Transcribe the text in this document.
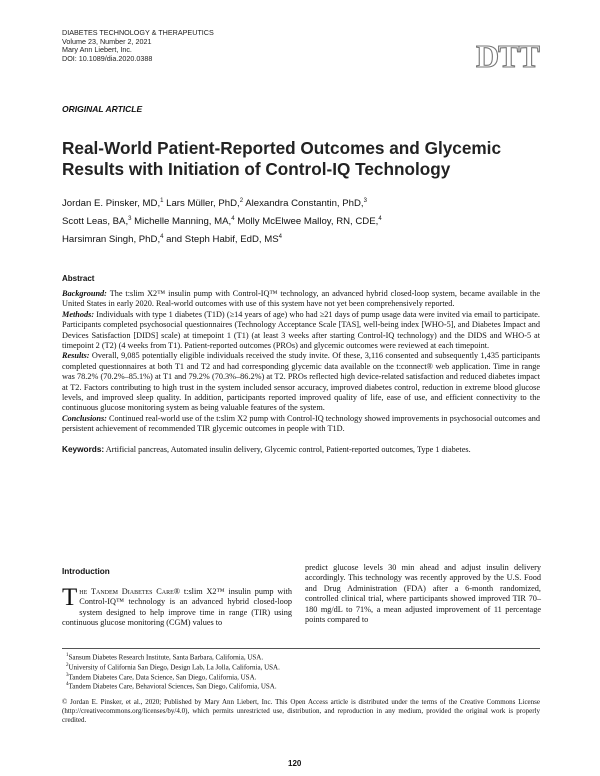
DIABETES TECHNOLOGY & THERAPEUTICS
Volume 23, Number 2, 2021
Mary Ann Liebert, Inc.
DOI: 10.1089/dia.2020.0388	DTT
ORIGINAL ARTICLE
Real-World Patient-Reported Outcomes and Glycemic Results with Initiation of Control-IQ Technology
Jordan E. Pinsker, MD,$^1$ Lars Müller, PhD,$^2$ Alexandra Constantin, PhD,$^3$
Scott Leas, BA,$^3$ Michelle Manning, MA,$^4$ Molly McElwee Malloy, RN, CDE,$^4$
Harsimran Singh, PhD,$^4$ and Steph Habif, EdD, $MS^4$
Abstract

Background: The t:slim X2™ insulin pump with Control-IQ™ technology, an advanced hybrid closed-loop system, became available in the United States in early 2020. Real-world outcomes with use of this system have not yet been comprehensively reported.

Methods: Individuals with type 1 diabetes (T1D) (≥14 years of age) who had ≥21 days of pump usage data were invited via email to participate. Participants completed psychosocial questionnaires (Technology Acceptance Scale [TAS], well-being index [WHO-5], and Diabetes Impact and Devices Satisfaction [DIDS] scale) at timepoint 1 (T1) (at least 3 weeks after starting Control-IQ technology) and the DIDS and WHO-5 at timepoint 2 (T2) (4 weeks from T1). Patient-reported outcomes (PROs) and glycemic outcomes were reviewed at each timepoint.

Results: Overall, 9,085 potentially eligible individuals received the study invite. Of these, 3,116 consented and subsequently 1,435 participants completed questionnaires at both T1 and T2 and had corresponding glycemic data available on the t:connect® web application. Time in range was 78.2% (70.2%–85.1%) at T1 and 79.2% (70.3%–86.2%) at T2. PROs reflected high device-related satisfaction and reduced diabetes impact at T2. Factors contributing to high trust in the system included sensor accuracy, improved diabetes control, reduction in extreme blood glucose levels, and improved sleep quality. In addition, participants reported improved quality of life, ease of use, and efficient connectivity to the continuous glucose monitoring system as being valuable features of the system.

Conclusions: Continued real-world use of the t:slim X2 pump with Control-IQ technology showed improvements in psychosocial outcomes and persistent achievement of recommended TIR glycemic outcomes in people with T1D.

Keywords: Artificial pancreas, Automated insulin delivery, Glycemic control, Patient-reported outcomes, Type 1 diabetes.
Introduction

The Tandem Diabetes Care® t:slim X2™ insulin pump with Control-IQ™ technology is an advanced hybrid closed-loop system designed to help improve time in range (TIR) using continuous glucose monitoring (CGM) values to

predict glucose levels 30 min ahead and adjust insulin delivery accordingly. This technology was recently approved by the U.S. Food and Drug Administration (FDA) after a 6-month randomized, controlled clinical trial, where participants showed improved TIR 70–180 mg/dL to 71%, a mean adjusted improvement of 11 percentage points compared to

$^1$Sansum Diabetes Research Institute, Santa Barbara, California, USA.
$^2$University of California San Diego, Design Lab, La Jolla, California, USA.
$^3$Tandem Diabetes Care, Data Science, San Diego, California, USA.
$^4$Tandem Diabetes Care, Behavioral Sciences, San Diego, California, USA.
© Jordan E. Pinsker, et al., 2020; Published by Mary Ann Liebert, Inc. This Open Access article is distributed under the terms of the Creative Commons License (http://creativecommons.org/licenses/by/4.0), which permits unrestricted use, distribution, and reproduction in any medium, provided the original work is properly credited.
120
